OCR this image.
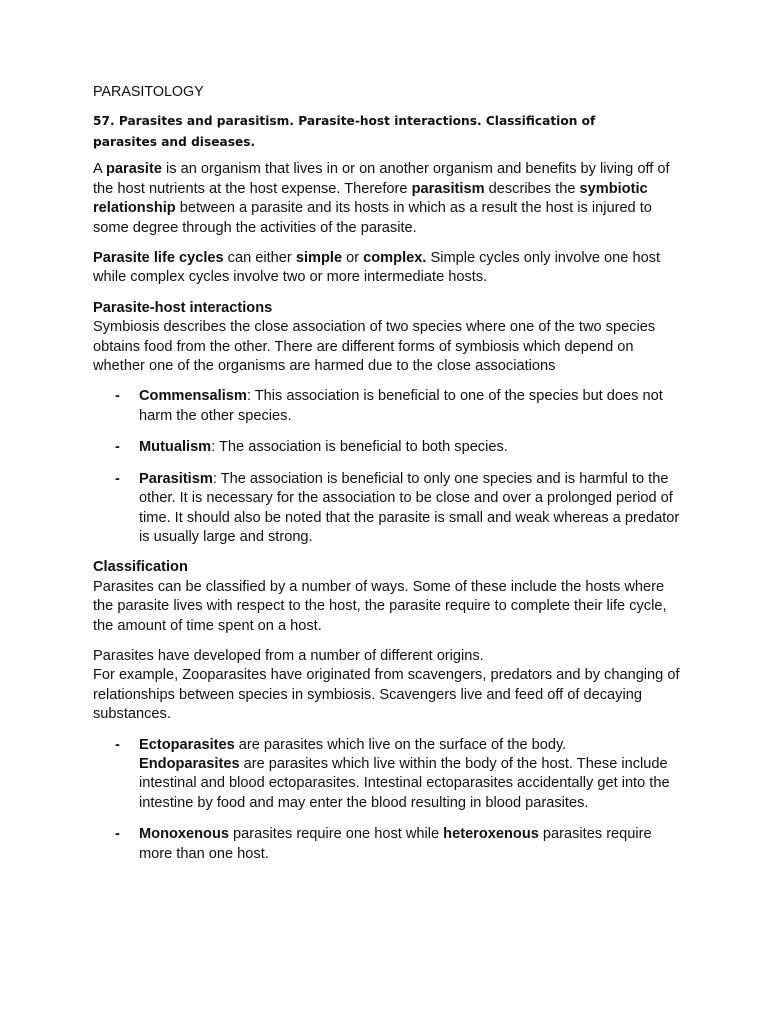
PARASITOLOGY
57. Parasites and parasitism. Parasite-host interactions. Classification of parasites and diseases.

A parasite is an organism that lives in or on another organism and benefits by living off of the host nutrients at the host expense. Therefore parasitism describes the symbiotic relationship between a parasite and its hosts in which as a result the host is injured to some degree through the activities of the parasite.

Parasite life cycles can either simple or complex. Simple cycles only involve one host while complex cycles involve two or more intermediate hosts.

Parasite-host interactions
Symbiosis describes the close association of two species where one of the two species obtains food from the other. There are different forms of symbiosis which depend on whether one of the organisms are harmed due to the close associations

- Commensalism: This association is beneficial to one of the species but does not harm the other species.
- Mutualism: The association is beneficial to both species.
- Parasitism: The association is beneficial to only one species and is harmful to the other. It is necessary for the association to be close and over a prolonged period of time. It should also be noted that the parasite is small and weak whereas a predator is usually large and strong.

Classification
Parasites can be classified by a number of ways. Some of these include the hosts where the parasite lives with respect to the host, the parasite require to complete their life cycle, the amount of time spent on a host.

Parasites have developed from a number of different origins.
For example, Zooparasites have originated from scavengers, predators and by changing of relationships between species in symbiosis. Scavengers live and feed off of decaying substances.

- Ectoparasites are parasites which live on the surface of the body.
Endoparasites are parasites which live within the body of the host. These include intestinal and blood ectoparasites. Intestinal ectoparasites accidentally get into the intestine by food and may enter the blood resulting in blood parasites.
- Monoxenous parasites require one host while heteroxenous parasites require more than one host.
